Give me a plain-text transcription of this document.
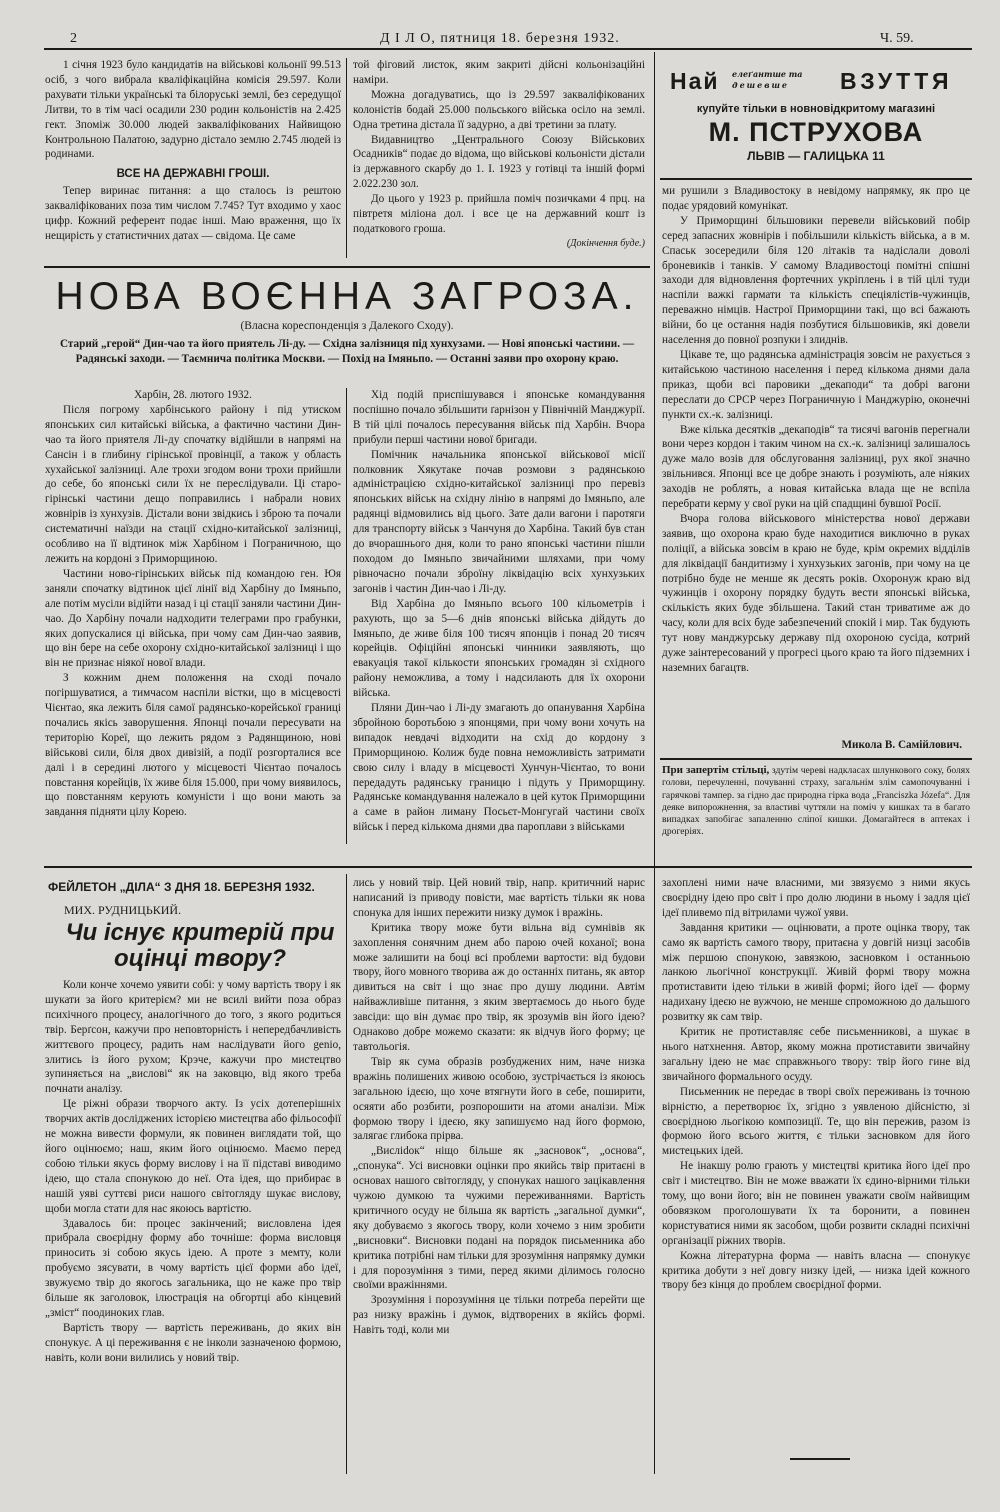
2	Д І Л О, пятниця 18. березня 1932.	Ч. 59.

1 січня 1923 було кандидатів на військові кольонії 99.513 осіб, з чого вибрала кваліфікаційна комісія 29.597. Коли рахувати тільки українські та білоруські землі, без середущої Литви, то в тім часі осадили 230 родин кольоністів на 2.425 гект. Зпоміж 30.000 людей закваліфікованих Найвищою Контрольною Палатою, задурно дістало землю 2.745 людей із родинами.

ВСЕ НА ДЕРЖАВНІ ГРОШІ.

Тепер виринає питання: а що сталось із рештою закваліфікованих поза тим числом 7.745? Тут входимо у хаос цифр. Кожний референт подає інші. Маю враження, що їх нещирість у статистичних датах — свідома. Це саме

той фіговий листок, яким закриті дійсні кольонізаційні наміри.

Можна догадуватись, що із 29.597 закваліфікованих колоністів бодай 25.000 польського війська осіло на землі. Одна третина дістала її задурно, а дві третини за плату.

Видавництво „Центрального Союзу Військових Осадників“ подає до відома, що військові кольоністи дістали із державного скарбу до 1. І. 1923 у готівці та іншій формі 2.022.230 зол.

До цього у 1923 р. прийшла поміч позичками 4 прц. на півтретя міліона дол. і все це на державний кошт із податкового гроша.

(Докінчення буде.)
Най елеґантше та
дешевше ВЗУТТЯ
купуйте тільки в новновідкритому магазині
М. ПСТРУХОВА
ЛЬВІВ — ГАЛИЦЬКА 11
НОВА ВОЄННА ЗАГРОЗА.
(Власна кореспонденція з Далекого Сходу).
Старий „герой“ Дин-чао та його приятель Лі-ду. — Східна залізниця під хунхузами. — Нові японські частини. — Радянські заходи. — Таємнича політика Москви. — Похід на Імяньпо. — Останні заяви про охорону краю.
Харбін, 28. лютого 1932.

Після погрому харбінського району і під утиском японських сил китайські війська, а фактично частини Дин-чао та його приятеля Лі-ду спочатку відійшли в напрямі на Сансін і в глибину гірінської провінції, а також у область хухайської залізниці. Але трохи згодом вони трохи прийшли до себе, бо японські сили їх не переслідували. Ці старо-гірінські частини дещо поправились і набрали нових жовнірів із хунхузів. Дістали вони звідкись і зброю та почали систематичні наїзди на стації східно-китайської залізниці, особливо на її відтинок між Харбіном і Пограничною, що лежить на кордоні з Приморщиною.

Частини ново-гірінських військ під командою ген. Юя заняли спочатку відтинок цієї лінії від Харбіну до Імяньпо, але потім мусіли відійти назад і ці стації заняли частини Дин-чао. До Харбіну почали надходити телеграми про грабунки, яких допускалися ці війська, при чому сам Дин-чао заявив, що він бере на себе охорону східно-китайської залізниці і що він не признає ніякої нової влади.

З кожним днем положення на сході почало погіршуватися, а тимчасом наспіли вістки, що в місцевості Чієнтао, яка лежить біля самої радянсько-корейської границі почались якісь заворушення. Японці почали пересувати на територію Кореї, що лежить рядом з Радянщиною, нові військові сили, біля двох дивізій, а події розгорталися все далі і в середині лютого у місцевості Чієнтао почалось повстання корейців, їх живе біля 15.000, при чому виявилось, що повстанням керують комуністи і що вони мають за завдання підняти цілу Корею.

Хід подій приспішувався і японське командування поспішно почало збільшити ґарнізон у Північній Манджурії. В тій цілі почалось пересування військ під Харбін. Вчора прибули перші частини нової бригади.

Помічник начальника японської військової місії полковник Хякутаке почав розмови з радянською адміністрацією східно-китайської залізниці про перевіз японських військ на східну лінію в напрямі до Імяньпо, але радянці відмовились від цього. Зате дали вагони і паротяги для транспорту військ з Чанчуня до Харбіна. Такий був стан до вчорашнього дня, коли то рано японські частини пішли походом до Імяньпо звичайними шляхами, при чому рівночасно почали зброїну ліквідацію всіх хунхузьких загонів і частин Дин-чао і Лі-ду.

Від Харбіна до Імяньпо всього 100 кільометрів і рахують, що за 5—6 днів японські війська дійдуть до Імяньпо, де живе біля 100 тисяч японців і понад 20 тисяч корейців. Офіційні японські чинники заявляють, що евакуація такої кількости японських громадян зі східного району неможлива, а тому і надсилають для їх охорони війська.

Пляни Дин-чао і Лі-ду змагають до опанування Харбіна збройною боротьбою з японцями, при чому вони хочуть на випадок невдачі відходити на схід до кордону з Приморщиною. Колиж буде повна неможливість затримати свою силу і владу в місцевості Хунчун-Чієнтао, то вони передадуть радянську границю і підуть у Приморщину. Радянське командування належало в цей куток Приморщини а саме в район лиману Посьєт-Монгугай частини своїх військ і перед кількома днями два пароплави з військами

ми рушили з Владивостоку в невідому напрямку, як про це подає урядовий комунікат.

У Приморщині більшовики перевели військовий побір серед запасних жовнірів і побільшили кількість війська, а в м. Спаськ зосередили біля 120 літаків та надіслали доволі броневиків і танків. У самому Владивостоці помітні спішні заходи для відновлення фортечних укріплень і в тій цілі туди наспіли важкі гармати та кількість спеціялістів-чужинців, переважно німців. Настрої Приморщини такі, що всі бажають війни, бо це остання надія позбутися більшовиків, які довели населення до повної розпуки і злиднів.

Цікаве те, що радянська адміністрація зовсім не рахується з китайською частиною населення і перед кількома днями дала приказ, щоби всі паровики „декаподи“ та добрі вагони переслати до СРСР через Пограничную і Манджурію, оконечні пункти сх.-к. залізниці.

Вже кілька десятків „декаподів“ та тисячі вагонів перегнали вони через кордон і таким чином на сх.-к. залізниці залишалось дуже мало возів для обслуговання залізниці, рух якої значно звільнився. Японці все це добре знають і розуміють, але ніяких заходів не роблять, а новая китайська влада ще не вспіла перебрати керму у свої руки на цій спадщині бувшої Росії.

Вчора голова військового міністерства нової держави заявив, що охорона краю буде находитися виключно в руках поліції, а війська зовсім в краю не буде, крім окремих відділів для ліквідації бандитизму і хунхузьких загонів, при чому на це потрібно буде не менше як десять років. Охоронуж краю від чужинців і охорону порядку будуть вести японські війська, скількість яких буде збільшена. Такий стан триватиме аж до часу, коли для всіх буде забезпечений спокій і мир. Так будують тут нову манджурську державу під охороною сусіда, котрий дуже заінтересований у прогресі цього краю та його підземних і наземних багацтв.

Микола В. Самійлович.
При запертім стільці, здутім череві надкласах шлункового соку, болях голови, перечуленні, почуванні страху, загальнім злім самопочуванні і гарячкові тампер. за гідно дає природна гірка вода „Franciszka Józefa“. Для деяке випорожнення, за властиві чуттяли на поміч у кишках та в багато випадках запобігає запаленню сліпої кишки. Домагайтеся в аптеках і дрогеріях.
ФЕЙЛЕТОН „ДІЛА“ З ДНЯ 18. БЕРЕЗНЯ 1932.
МИХ. РУДНИЦЬКИЙ.
Чи існує критерій при оцінці твору?

Коли конче хочемо уявити собі: у чому вартість твору і як шукати за його критерієм? ми не всилі вийти поза образ психічного процесу, аналогічного до того, з якого родиться твір. Берґсон, кажучи про неповторність і непередбачливість життєвого процесу, радить нам наслідувати його genio, злитись із його рухом; Крэче, кажучи про мистецтво зупиняється на „вислові“ як на заковцю, від якого треба почнати аналізу.

Це ріжні образи творчого акту. Із усіх дотеперішніх творчих актів досліджених історією мистецтва або фільософії не можна вивести формули, як повинен виглядати той, що його оцінюємо; наш, яким його оцінюємо. Маємо перед собою тільки якусь форму вислову і на її підставі виводимо ідею, що стала спонукою до неї. Ота ідея, що прибирає в нашій уяві суттєві риси нашого світогляду шукає вислову, щоби могла стати для нас якоюсь вартістю.

Здавалось би: процес закінчений; висловлена ідея прибрала своєрідну форму або точніше: форма висловця приносить зі собою якусь ідею. А проте з мемту, коли пробуємо зясувати, в чому вартість цієї форми або ідеї, звужуємо твір до якогось загальника, що не каже про твір більше як заголовок, ілюстрація на обгортці або кінцевий „зміст“ поодиноких глав.

Вартість твору — вартість переживань, до яких він спонукує. А ці переживання є не інколи зазначеною формою, навіть, коли вони вилились у новий твір.

лись у новий твір. Цей новий твір, напр. критичний нарис написаний із приводу повісти, має вартість тільки як нова спонука для інших пережити низку думок і вражінь.

Критика твору може бути вільна від сумнівів як захоплення сонячним днем або парою очей коханої; вона може залишити на боці всі проблеми вартости: від будови твору, його мовного творива аж до останніх питань, як автор дивиться на світ і що знає про душу людини. Автім найважливіше питання, з яким звертаємось до нього буде завсіди: що він думає про твір, як зрозумів він його ідею? Однаково добре можемо сказати: як відчув його форму; це тавтольогія.

Твір як сума образів розбуджених ним, наче низка вражінь полишених живою особою, зустрічається із якоюсь загальною ідеєю, що хоче втягнути його в себе, поширити, осяяти або розбити, розпорошити на атоми аналізи. Між формою твору і ідеєю, яку запишуємо над його формою, залягає глибока прірва.

„Висліdок“ ніщо більше як „засновок“, „основа“, „спонука“. Усі висновки оцінки про якийсь твір притаєні в основах нашого світогляду, у спонуках нашого зацікавлення чужою думкою та чужими переживаннями. Вартість критичного осуду не більша як вартість „загальної думки“, яку добуваємо з якогось твору, коли хочемо з ним зробити „висновки“. Висновки подані на порядок письменника або критика потрібні нам тільки для зрозуміння напрямку думки і для порозуміння з тими, перед якими ділимось голосно своїми вражіннями.

Зрозуміння і порозуміння це тільки потреба перейти ще раз низку вражінь і думок, відтворених в якійсь формі. Навіть тоді, коли ми

захоплені ними наче власними, ми звязуємо з ними якусь своєрідну ідею про світ і про долю людини в ньому і задля цієї ідеї пливемо під вітрилами чужої уяви.

Завдання критики — оцінювати, а проте оцінка твору, так само як вартість самого твору, притаєна у довгій низці засобів між першою спонукою, завязкою, засновком і останньою ланкою льогічної конструкції. Живій формі твору можна протиставити ідею тільки в живій формі; його ідеї — форму надихану ідеєю не вужчою, не менше спроможною до дальшого розвитку як сам твір.

Критик не протиставляє себе письменникові, а шукає в нього натхнення. Автор, якому можна протиставити звичайну загальну ідею не має справжнього твору: твір його гине від звичайного формального осуду.

Письменник не передає в творі своїх переживань із точною вірністю, а перетворює їх, згідно з уявленою дійсністю, зі своєрідною льогікою композиції. Те, що він пережив, разом із формою його всього життя, є тільки засновком для його мистецьких ідей.

Не інакшу ролю грають у мистецтві критика його ідеї про світ і мистецтво. Він не може вважати їх єдино-вірними тільки тому, що вони його; він не повинен уважати своїм найвищим обовязком проголошувати їх та боронити, а повинен користуватися ними як засобом, щоби розвити складні психічні організації ріжних творів.

Кожна літературна форма — навіть власна — спонукує критика добути з неї довгу низку ідей, — низка ідей кожного твору без кінця до проблем своєрідної форми.
